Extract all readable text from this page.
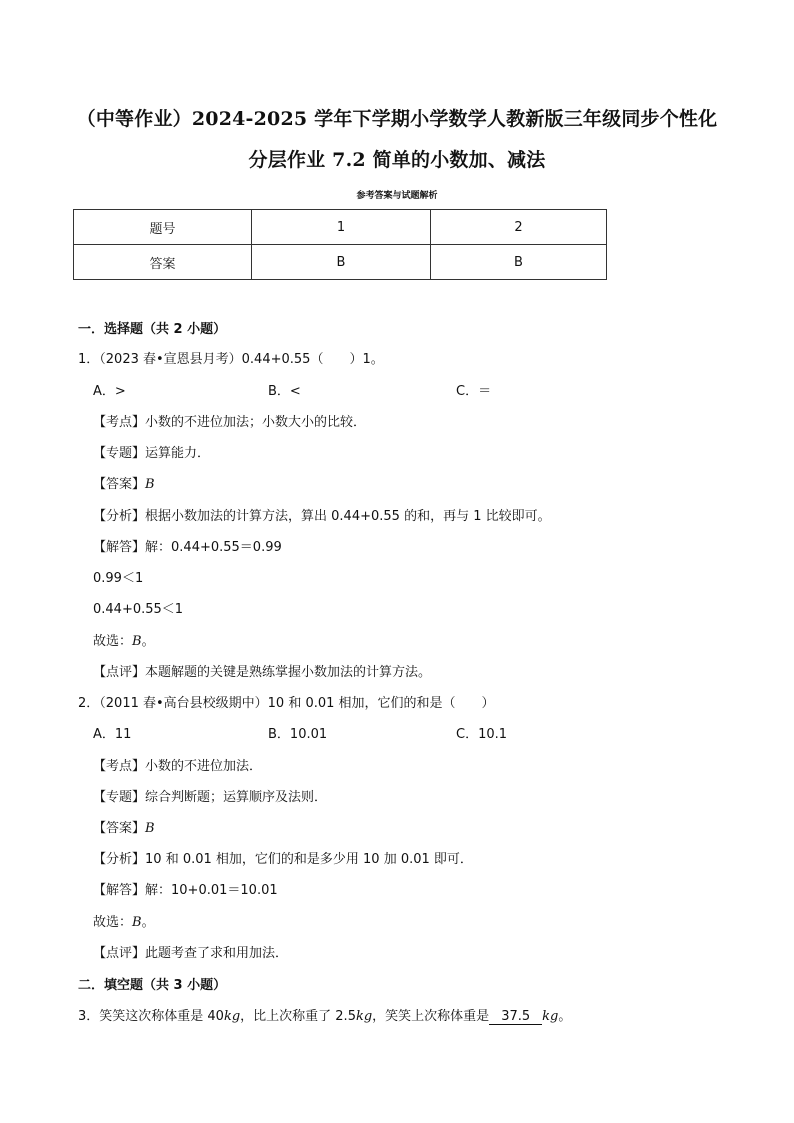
（中等作业）2024-2025 学年下学期小学数学人教新版三年级同步个性化
分层作业 7.2 简单的小数加、减法
参考答案与试题解析
题号	1	2
答案	B	B
一．选择题（共 2 小题）
1．（2023 春•宣恩县月考）0.44+0.55（　　）1。
A．>	B．<	C．＝
【考点】小数的不进位加法；小数大小的比较．
【专题】运算能力．
【答案】B
【分析】根据小数加法的计算方法，算出 0.44+0.55 的和，再与 1 比较即可。
【解答】解：0.44+0.55＝0.99
0.99＜1
0.44+0.55＜1
故选：B。
【点评】本题解题的关键是熟练掌握小数加法的计算方法。
2．（2011 春•高台县校级期中）10 和 0.01 相加，它们的和是（　　）
A．11	B．10.01	C．10.1
【考点】小数的不进位加法．
【专题】综合判断题；运算顺序及法则．
【答案】B
【分析】10 和 0.01 相加，它们的和是多少用 10 加 0.01 即可．
【解答】解：10+0.01＝10.01
故选：B。
【点评】此题考查了求和用加法．
二．填空题（共 3 小题）
3．笑笑这次称体重是 40kg，比上次称重了 2.5kg，笑笑上次称体重是 37.5 kg。
